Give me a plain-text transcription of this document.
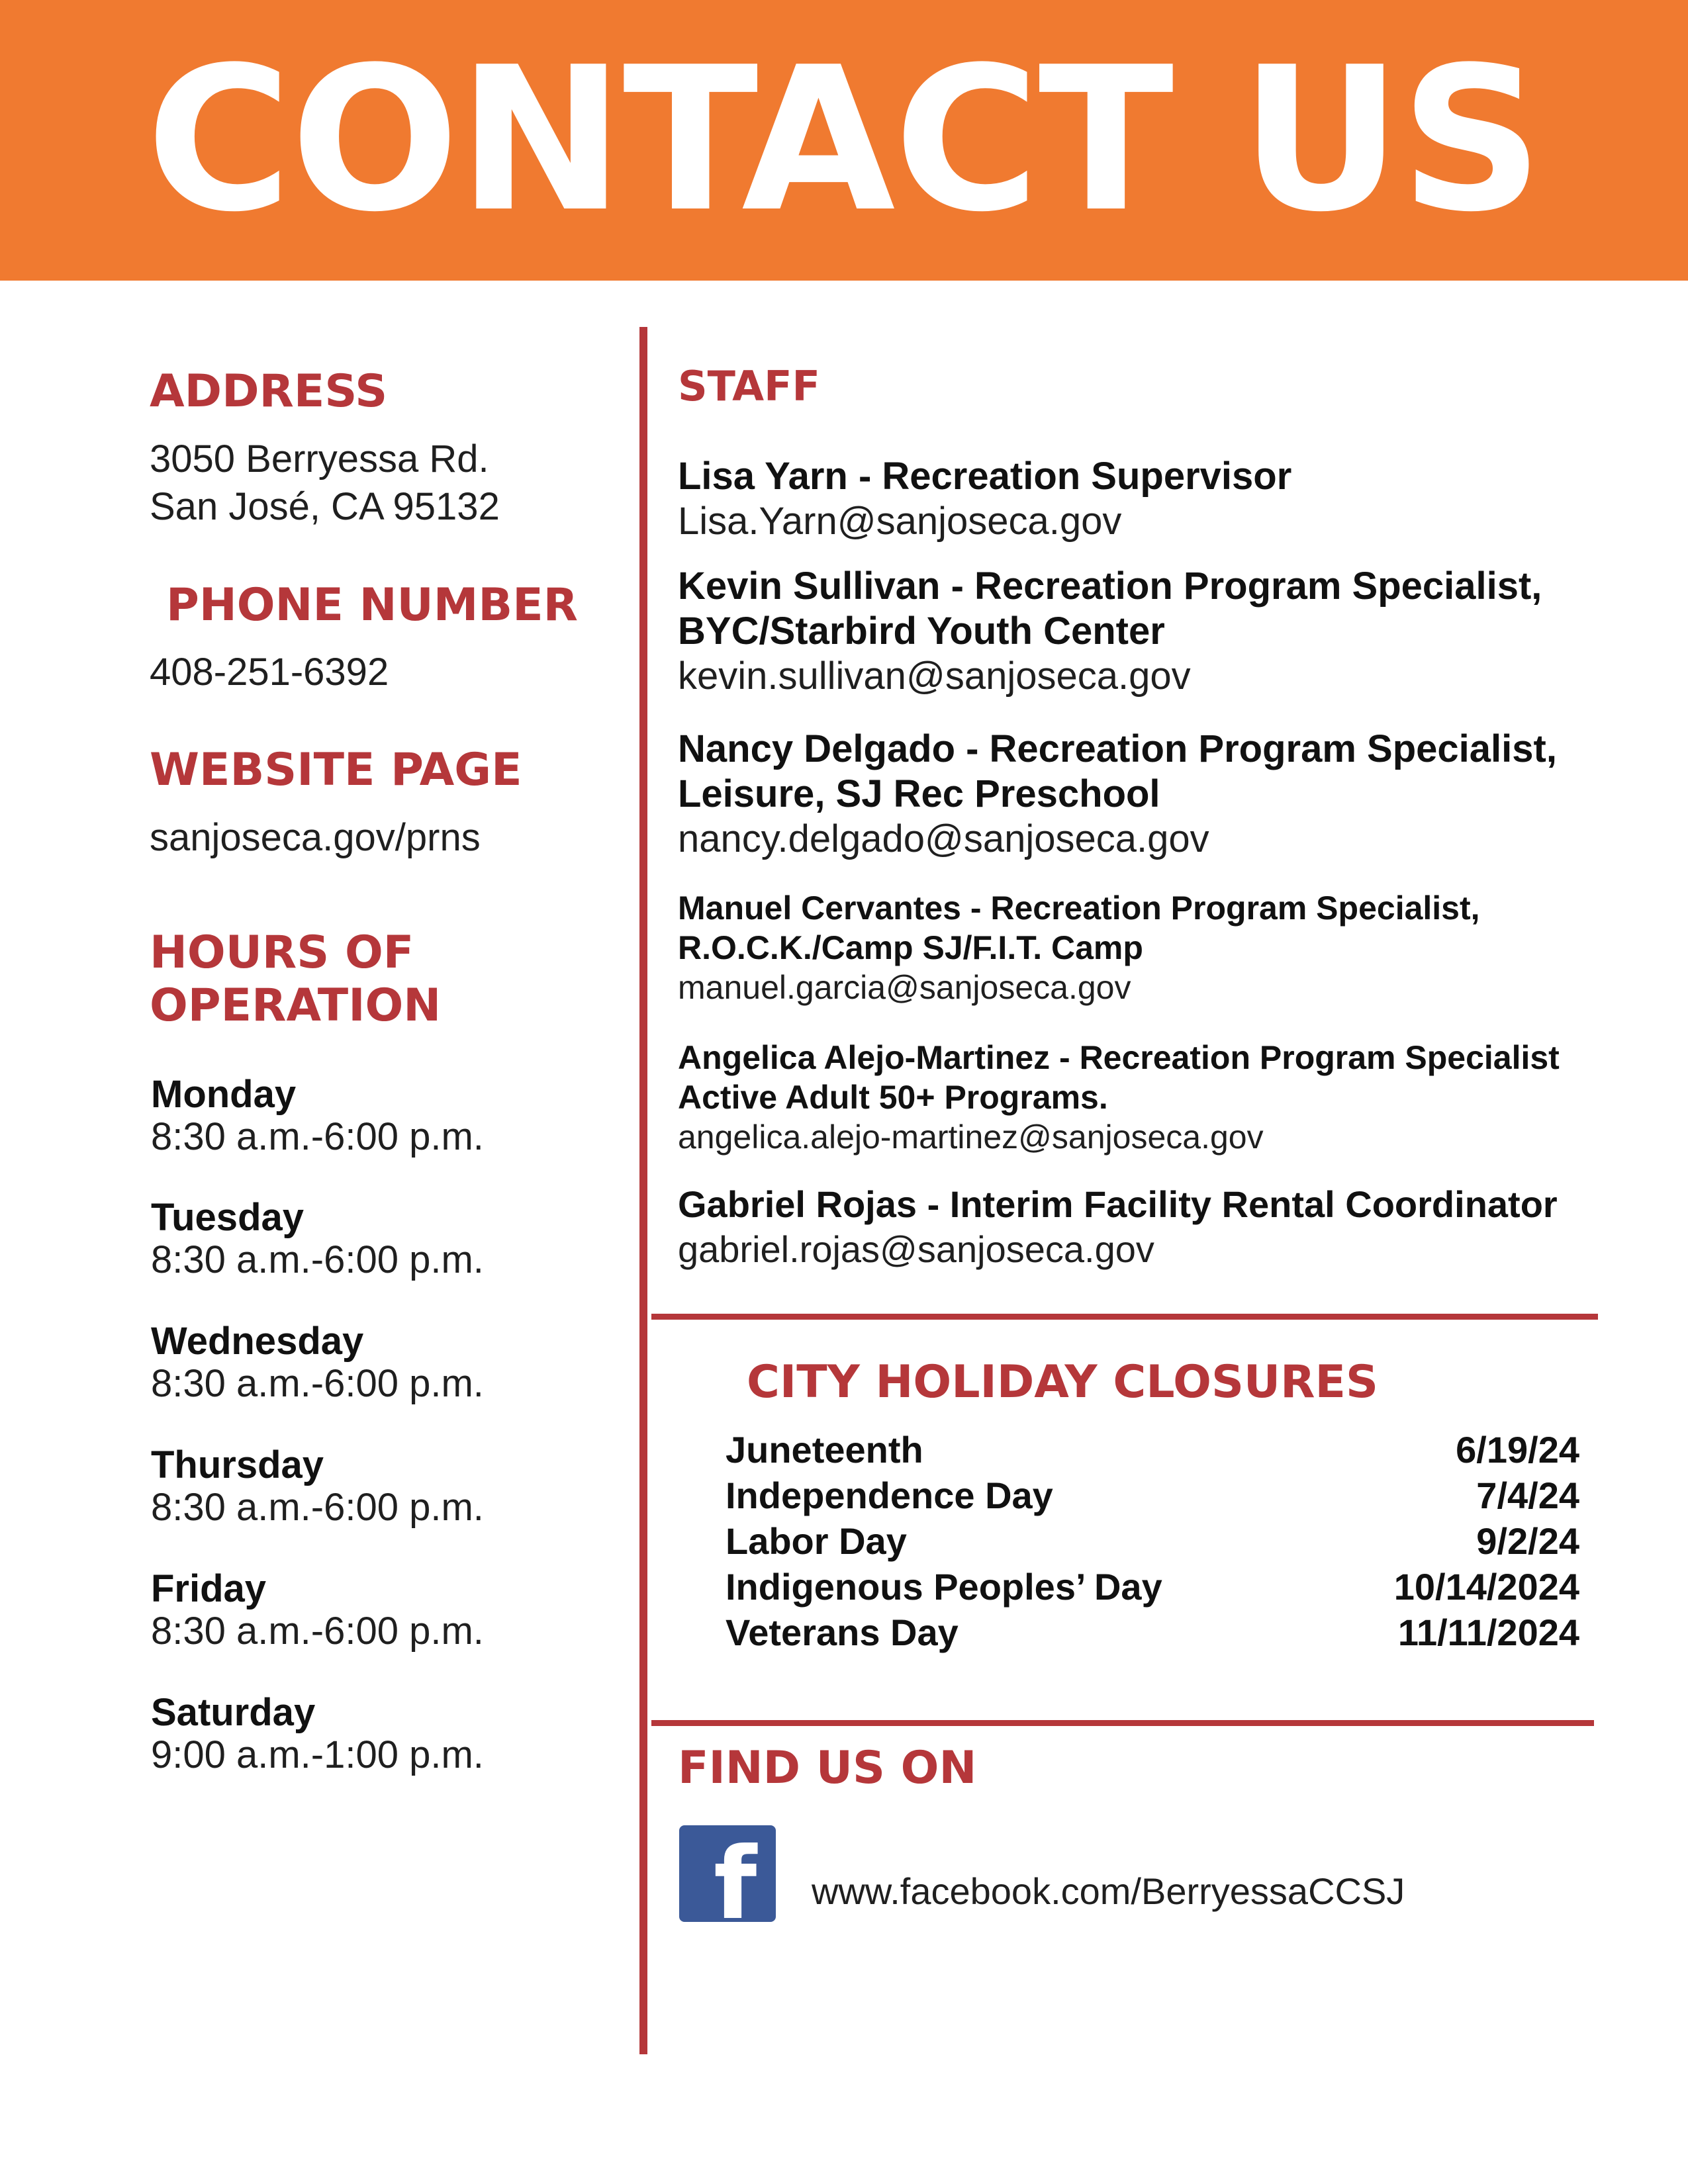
CONTACT US
ADDRESS

3050 Berryessa Rd.

San José, CA 95132

PHONE NUMBER

408-251-6392

WEBSITE PAGE

sanjoseca.gov/prns

HOURS OF
OPERATION
Monday
8:30 a.m.-6:00 p.m.
Tuesday
8:30 a.m.-6:00 p.m.
Wednesday
8:30 a.m.-6:00 p.m.
Thursday
8:30 a.m.-6:00 p.m.
Friday
8:30 a.m.-6:00 p.m.
Saturday
9:00 a.m.-1:00 p.m.
STAFF
Lisa Yarn - Recreation Supervisor
Lisa.Yarn@sanjoseca.gov
Kevin Sullivan - Recreation Program Specialist,
BYC/Starbird Youth Center
kevin.sullivan@sanjoseca.gov
Nancy Delgado - Recreation Program Specialist,
Leisure, SJ Rec Preschool
nancy.delgado@sanjoseca.gov
Manuel Cervantes - Recreation Program Specialist,
R.O.C.K./Camp SJ/F.I.T. Camp
manuel.garcia@sanjoseca.gov
Angelica Alejo-Martinez - Recreation Program Specialist
Active Adult 50+ Programs.
angelica.alejo-martinez@sanjoseca.gov
Gabriel Rojas - Interim Facility Rental Coordinator
gabriel.rojas@sanjoseca.gov
CITY HOLIDAY CLOSURES
Juneteenth	6/19/24
Independence Day	7/4/24
Labor Day	9/2/24
Indigenous Peoples’ Day	10/14/2024
Veterans Day	11/11/2024
FIND US ON
f www.facebook.com/BerryessaCCSJ
